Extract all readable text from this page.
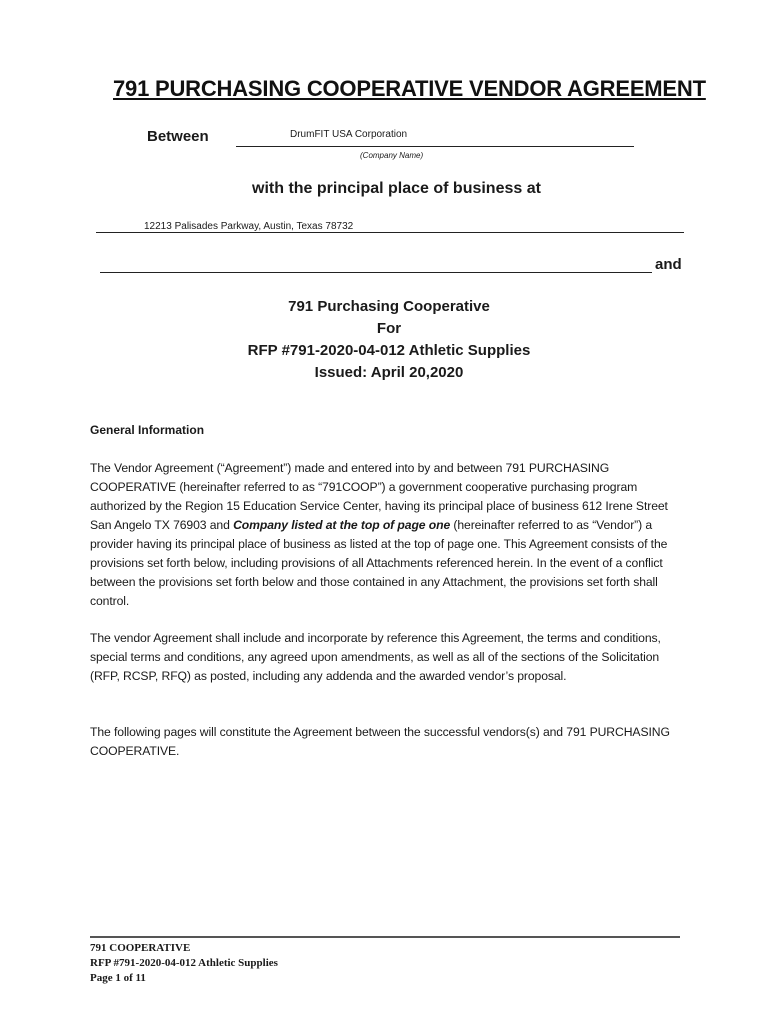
791 PURCHASING COOPERATIVE VENDOR AGREEMENT
Between	DrumFIT USA Corporation
(Company Name)
with the principal place of business at
12213 Palisades Parkway, Austin, Texas 78732
and
791 Purchasing Cooperative
For
RFP #791-2020-04-012 Athletic Supplies
Issued: April 20,2020
General Information
The Vendor Agreement (“Agreement”) made and entered into by and between 791 PURCHASING COOPERATIVE (hereinafter referred to as “791COOP”) a government cooperative purchasing program authorized by the Region 15 Education Service Center, having its principal place of business 612 Irene Street San Angelo TX 76903 and Company listed at the top of page one (hereinafter referred to as “Vendor”) a provider having its principal place of business as listed at the top of page one. This Agreement consists of the provisions set forth below, including provisions of all Attachments referenced herein. In the event of a conflict between the provisions set forth below and those contained in any Attachment, the provisions set forth shall control.
The vendor Agreement shall include and incorporate by reference this Agreement, the terms and conditions, special terms and conditions, any agreed upon amendments, as well as all of the sections of the Solicitation (RFP, RCSP, RFQ) as posted, including any addenda and the awarded vendor’s proposal.
The following pages will constitute the Agreement between the successful vendors(s) and 791 PURCHASING COOPERATIVE.
791 COOPERATIVE
RFP #791-2020-04-012 Athletic Supplies
Page 1 of 11
